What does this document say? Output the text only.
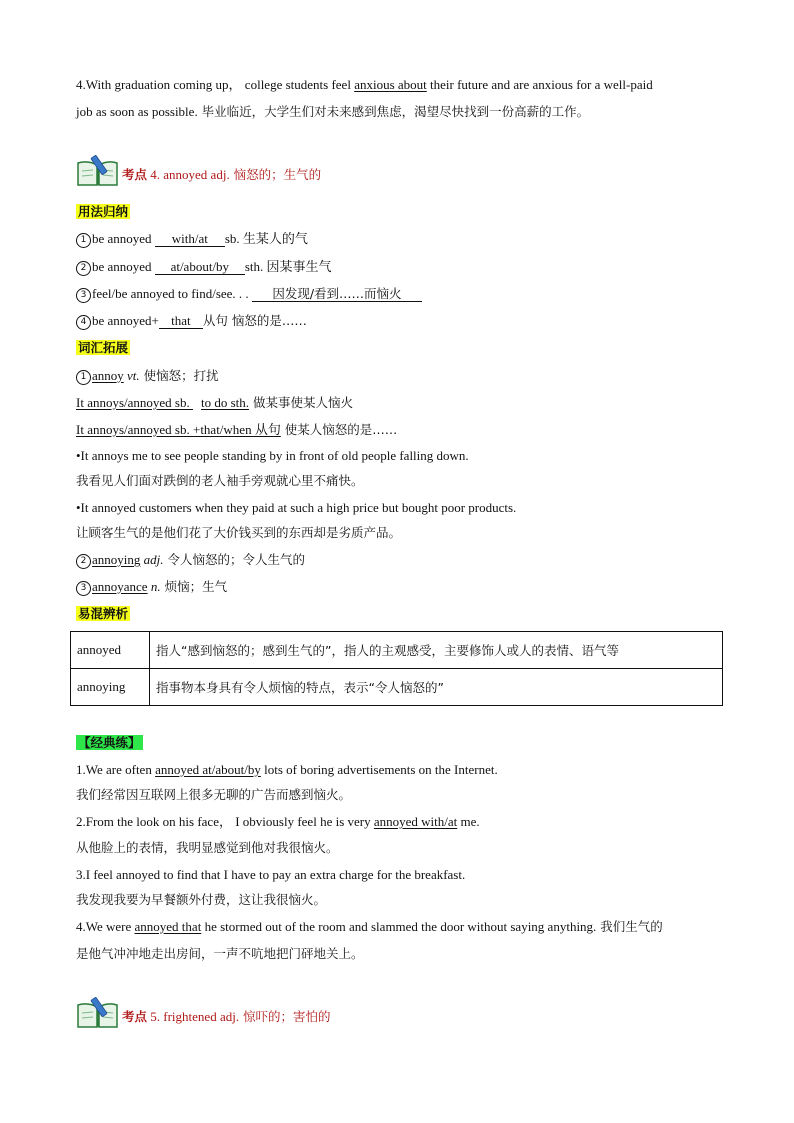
4.With graduation coming up， college students feel anxious about their future and are anxious for a well-paid
job as soon as possible. 毕业临近，大学生们对未来感到焦虑，渴望尽快找到一份高薪的工作。
考点 4. annoyed adj. 恼怒的；生气的
用法归纳
1 be annoyed with/at sb. 生某人的气
2 be annoyed at/about/by sth. 因某事生气
3 feel/be annoyed to find/see. . . 因发现/看到……而恼火
4 be annoyed+ that 从句 恼怒的是……
词汇拓展
1 annoy vt. 使恼怒；打扰
It annoys/annoyed sb. to do sth. 做某事使某人恼火
It annoys/annoyed sb. +that/when 从句 使某人恼怒的是……
•It annoys me to see people standing by in front of old people falling down.
我看见人们面对跌倒的老人袖手旁观就心里不痛快。
•It annoyed customers when they paid at such a high price but bought poor products.
让顾客生气的是他们花了大价钱买到的东西却是劣质产品。
2 annoying adj. 令人恼怒的；令人生气的
3 annoyance n. 烦恼；生气
易混辨析
annoyed	指人“感到恼怒的；感到生气的”，指人的主观感受，主要修饰人或人的表情、语气等
annoying	指事物本身具有令人烦恼的特点，表示“令人恼怒的”
【经典练】
1.We are often annoyed at/about/by lots of boring advertisements on the Internet.
我们经常因互联网上很多无聊的广告而感到恼火。
2.From the look on his face， I obviously feel he is very annoyed with/at me.
从他脸上的表情，我明显感觉到他对我很恼火。
3.I feel annoyed to find that I have to pay an extra charge for the breakfast.
我发现我要为早餐额外付费，这让我很恼火。
4.We were annoyed that he stormed out of the room and slammed the door without saying anything. 我们生气的
是他气冲冲地走出房间，一声不吭地把门砰地关上。
考点 5. frightened adj. 惊吓的；害怕的
